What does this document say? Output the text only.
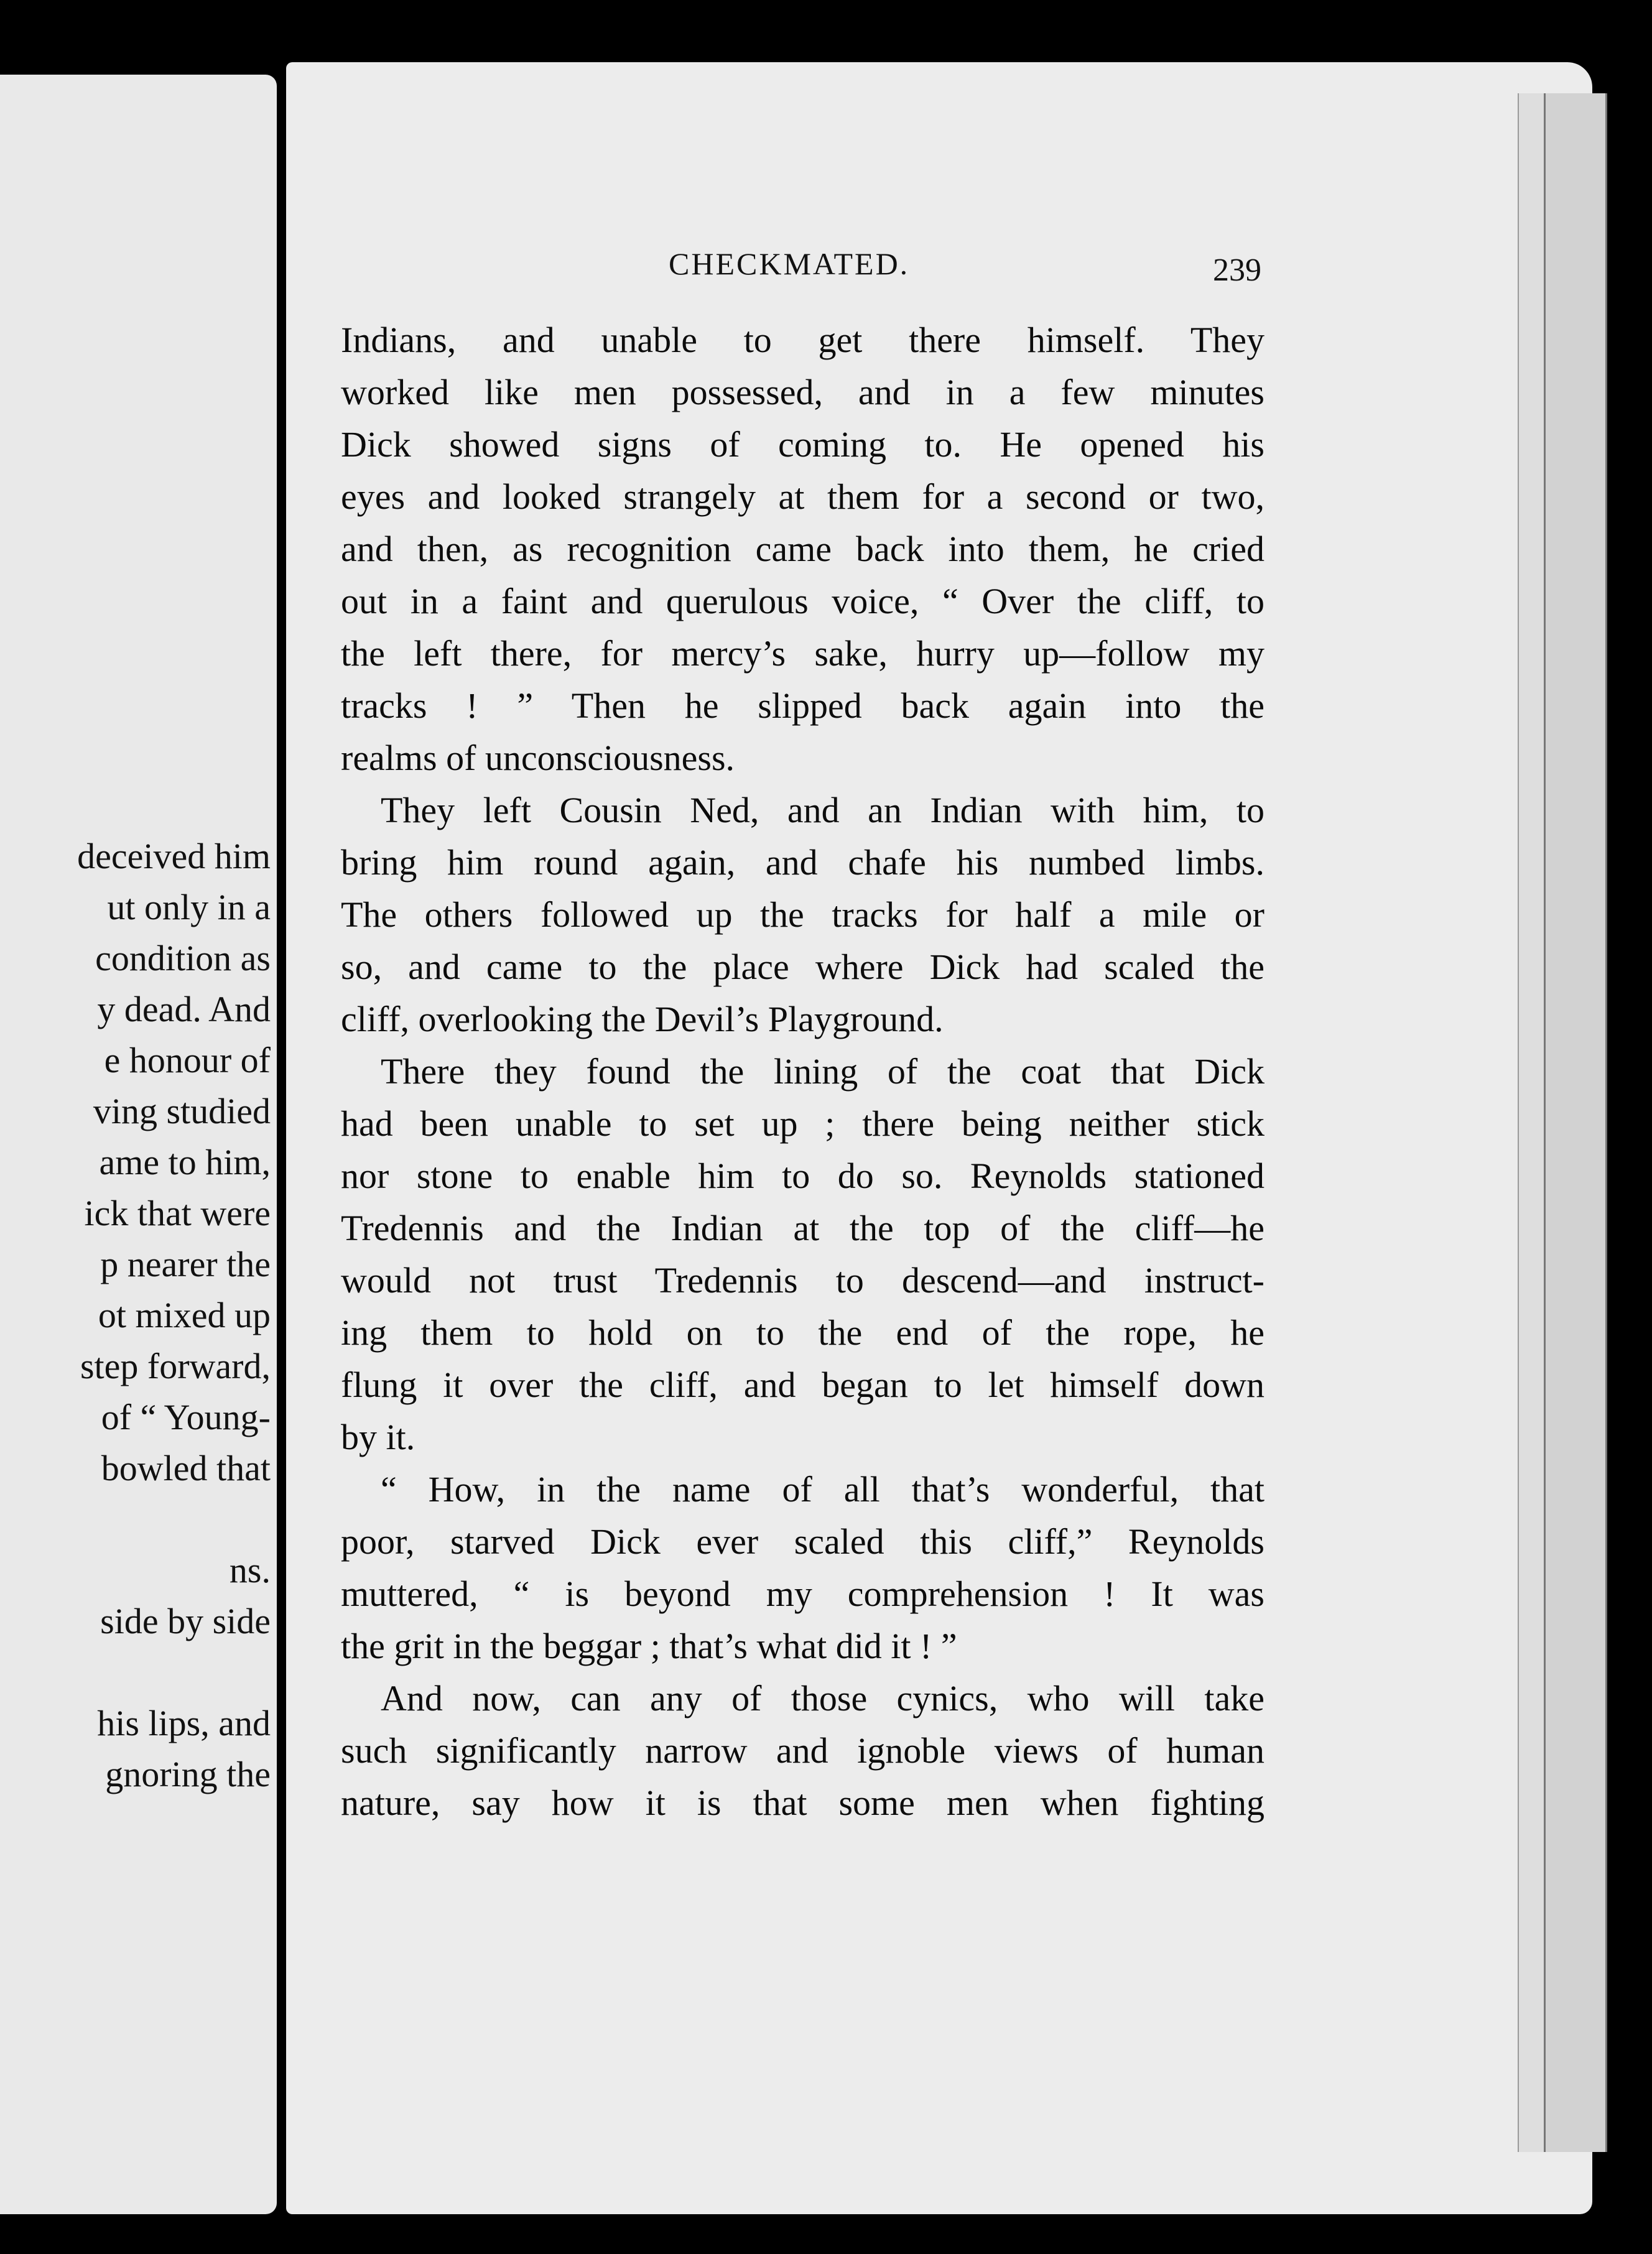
deceived him
ut only in a
condition as
y dead. And
e honour of
ving studied
ame to him,
ick that were
p nearer the
ot mixed up
step forward,
of “ Young-
bowled that
ns.
side by side
his lips, and
gnoring the
CHECKMATED.	239
Indians, and unable to get there himself. They
worked like men possessed, and in a few minutes
Dick showed signs of coming to. He opened his
eyes and looked strangely at them for a second or two,
and then, as recognition came back into them, he cried
out in a faint and querulous voice, “ Over the cliff, to
the left there, for mercy’s sake, hurry up—follow my
tracks ! ” Then he slipped back again into the
realms of unconsciousness.
They left Cousin Ned, and an Indian with him, to
bring him round again, and chafe his numbed limbs.
The others followed up the tracks for half a mile or
so, and came to the place where Dick had scaled the
cliff, overlooking the Devil’s Playground.
There they found the lining of the coat that Dick
had been unable to set up ; there being neither stick
nor stone to enable him to do so. Reynolds stationed
Tredennis and the Indian at the top of the cliff—he
would not trust Tredennis to descend—and instruct-
ing them to hold on to the end of the rope, he
flung it over the cliff, and began to let himself down
by it.
“ How, in the name of all that’s wonderful, that
poor, starved Dick ever scaled this cliff,” Reynolds
muttered, “ is beyond my comprehension ! It was
the grit in the beggar ; that’s what did it ! ”
And now, can any of those cynics, who will take
such significantly narrow and ignoble views of human
nature, say how it is that some men when fighting
